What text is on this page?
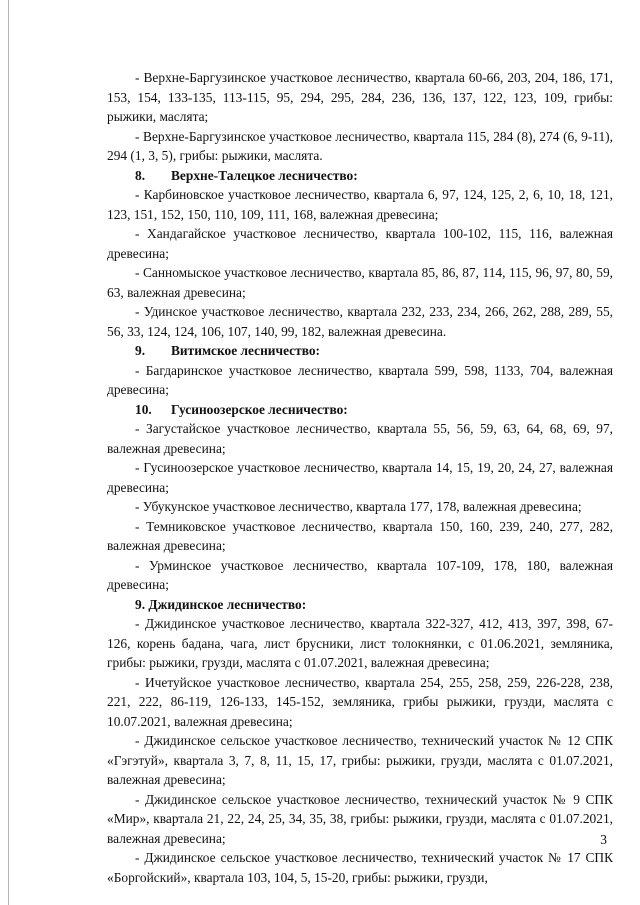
- Верхне-Баргузинское участковое лесничество, квартала 60-66, 203, 204, 186, 171, 153, 154, 133-135, 113-115, 95, 294, 295, 284, 236, 136, 137, 122, 123, 109, грибы: рыжики, маслята;

- Верхне-Баргузинское участковое лесничество, квартала 115, 284 (8), 274 (6, 9-11), 294 (1, 3, 5), грибы: рыжики, маслята.

8. Верхне-Талецкое лесничество:

- Карбиновское участковое лесничество, квартала 6, 97, 124, 125, 2, 6, 10, 18, 121, 123, 151, 152, 150, 110, 109, 111, 168, валежная древесина;

- Хандагайское участковое лесничество, квартала 100-102, 115, 116, валежная древесина;

- Санномыское участковое лесничество, квартала 85, 86, 87, 114, 115, 96, 97, 80, 59, 63, валежная древесина;

- Удинское участковое лесничество, квартала 232, 233, 234, 266, 262, 288, 289, 55, 56, 33, 124, 124, 106, 107, 140, 99, 182, валежная древесина.

9. Витимское лесничество:

- Багдаринское участковое лесничество, квартала 599, 598, 1133, 704, валежная древесина;

10. Гусиноозерское лесничество:

- Загустайское участковое лесничество, квартала 55, 56, 59, 63, 64, 68, 69, 97, валежная древесина;

- Гусиноозерское участковое лесничество, квартала 14, 15, 19, 20, 24, 27, валежная древесина;

- Убукунское участковое лесничество, квартала 177, 178, валежная древесина;

- Темниковское участковое лесничество, квартала 150, 160, 239, 240, 277, 282, валежная древесина;

- Урминское участковое лесничество, квартала 107-109, 178, 180, валежная древесина;

9. Джидинское лесничество:

- Джидинское участковое лесничество, квартала 322-327, 412, 413, 397, 398, 67-126, корень бадана, чага, лист брусники, лист толокнянки, с 01.06.2021, земляника, грибы: рыжики, грузди, маслята с 01.07.2021, валежная древесина;

- Ичетуйское участковое лесничество, квартала 254, 255, 258, 259, 226-228, 238, 221, 222, 86-119, 126-133, 145-152, земляника, грибы рыжики, грузди, маслята с 10.07.2021, валежная древесина;

- Джидинское сельское участковое лесничество, технический участок № 12 СПК «Гэгэтуй», квартала 3, 7, 8, 11, 15, 17, грибы: рыжики, грузди, маслята с 01.07.2021, валежная древесина;

- Джидинское сельское участковое лесничество, технический участок № 9 СПК «Мир», квартала 21, 22, 24, 25, 34, 35, 38, грибы: рыжики, грузди, маслята с 01.07.2021, валежная древесина;

- Джидинское сельское участковое лесничество, технический участок № 17 СПК «Боргойский», квартала 103, 104, 5, 15-20, грибы: рыжики, грузди,

3
